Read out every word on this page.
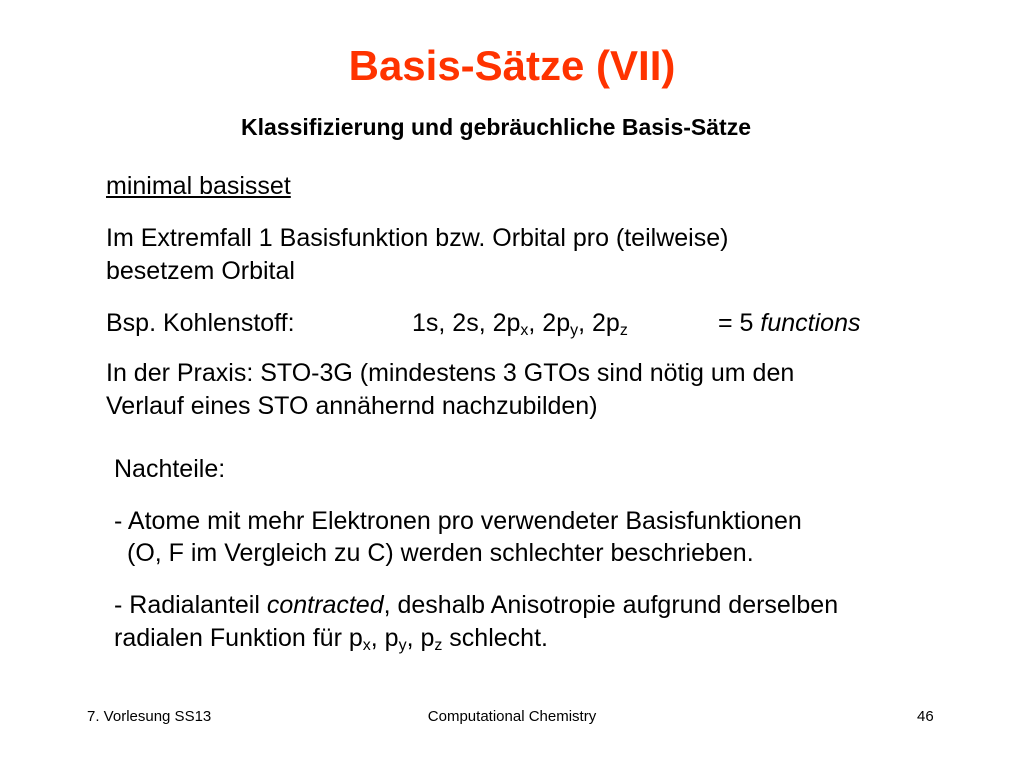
Basis-Sätze (VII)
Klassifizierung und gebräuchliche Basis-Sätze
minimal basisset
Im Extremfall 1 Basisfunktion bzw. Orbital pro (teilweise)
besetzem Orbital
Bsp. Kohlenstoff:	1s, 2s, $2p_x$, $2p_y$, $2p_z$	= 5 functions
In der Praxis: STO-3G (mindestens 3 GTOs sind nötig um den
Verlauf eines STO annähernd nachzubilden)
Nachteile:
- Atome mit mehr Elektronen pro verwendeter Basisfunktionen
(O, F im Vergleich zu C) werden schlechter beschrieben.
- Radialanteil contracted, deshalb Anisotropie aufgrund derselben
radialen Funktion für $p_x$, $p_y$, $p_z$ schlecht.
7. Vorlesung SS13	Computational Chemistry	46
